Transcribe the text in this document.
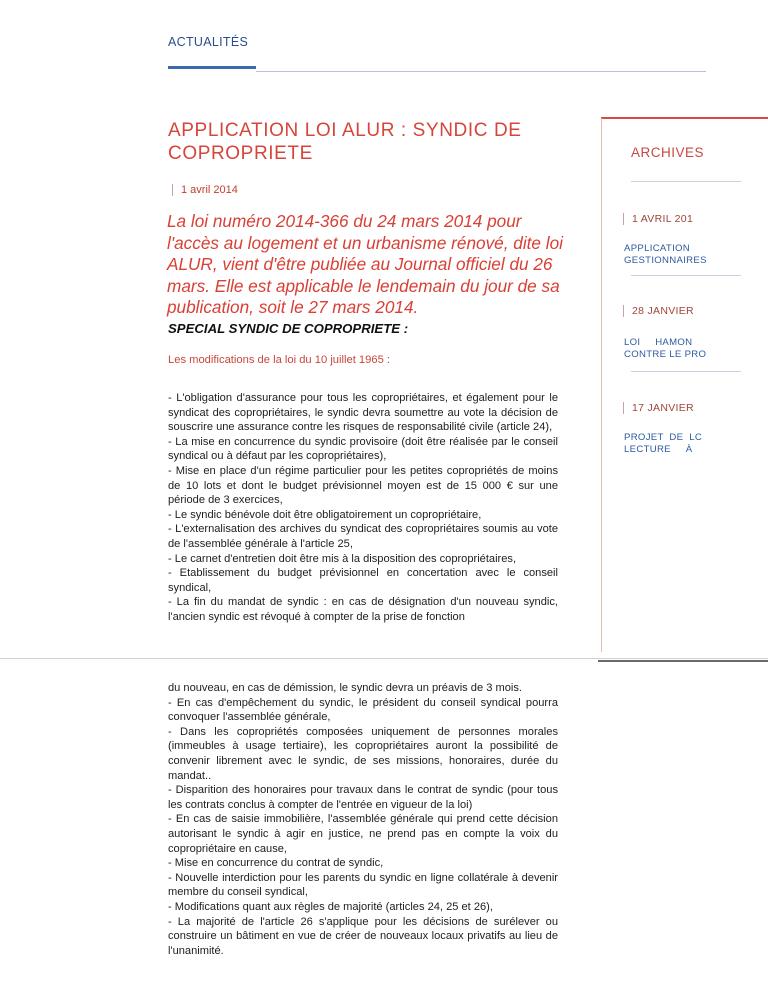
ACTUALITÉS
APPLICATION LOI ALUR : SYNDIC DE COPROPRIETE
1 avril 2014

La loi numéro 2014-366 du 24 mars 2014 pour l'accès au logement et un urbanisme rénové, dite loi ALUR, vient d'être publiée au Journal officiel du 26 mars. Elle est applicable le lendemain du jour de sa publication, soit le 27 mars 2014.

SPECIAL SYNDIC DE COPROPRIETE :
Les modifications de la loi du 10 juillet 1965 :

- L'obligation d'assurance pour tous les copropriétaires, et également pour le syndicat des copropriétaires, le syndic devra soumettre au vote la décision de souscrire une assurance contre les risques de responsabilité civile (article 24),

- La mise en concurrence du syndic provisoire (doit être réalisée par le conseil syndical ou à défaut par les copropriétaires),

- Mise en place d'un régime particulier pour les petites copropriétés de moins de 10 lots et dont le budget prévisionnel moyen est de 15 000 € sur une période de 3 exercices,

- Le syndic bénévole doit être obligatoirement un copropriétaire,

- L'externalisation des archives du syndicat des copropriétaires soumis au vote de l'assemblée générale à l'article 25,

- Le carnet d'entretien doit être mis à la disposition des copropriétaires,

- Etablissement du budget prévisionnel en concertation avec le conseil syndical,

- La fin du mandat de syndic : en cas de désignation d'un nouveau syndic, l'ancien syndic est révoqué à compter de la prise de fonction

du nouveau, en cas de démission, le syndic devra un préavis de 3 mois.

- En cas d'empêchement du syndic, le président du conseil syndical pourra convoquer l'assemblée générale,

- Dans les copropriétés composées uniquement de personnes morales (immeubles à usage tertiaire), les copropriétaires auront la possibilité de convenir librement avec le syndic, de ses missions, honoraires, durée du mandat..

- Disparition des honoraires pour travaux dans le contrat de syndic (pour tous les contrats conclus à compter de l'entrée en vigueur de la loi)

- En cas de saisie immobilière, l'assemblée générale qui prend cette décision autorisant le syndic à agir en justice, ne prend pas en compte la voix du copropriétaire en cause,

- Mise en concurrence du contrat de syndic,

- Nouvelle interdiction pour les parents du syndic en ligne collatérale à devenir membre du conseil syndical,

- Modifications quant aux règles de majorité (articles 24, 25 et 26),

- La majorité de l'article 26 s'applique pour les décisions de surélever ou construire un bâtiment en vue de créer de nouveaux locaux privatifs au lieu de l'unanimité.

ARCHIVES
1 AVRIL 201
APPLICATION
GESTIONNAIRES
28 JANVIER
LOI     HAMON
CONTRE LE PRO
17 JANVIER
PROJET  DE  LC
LECTURE     À
